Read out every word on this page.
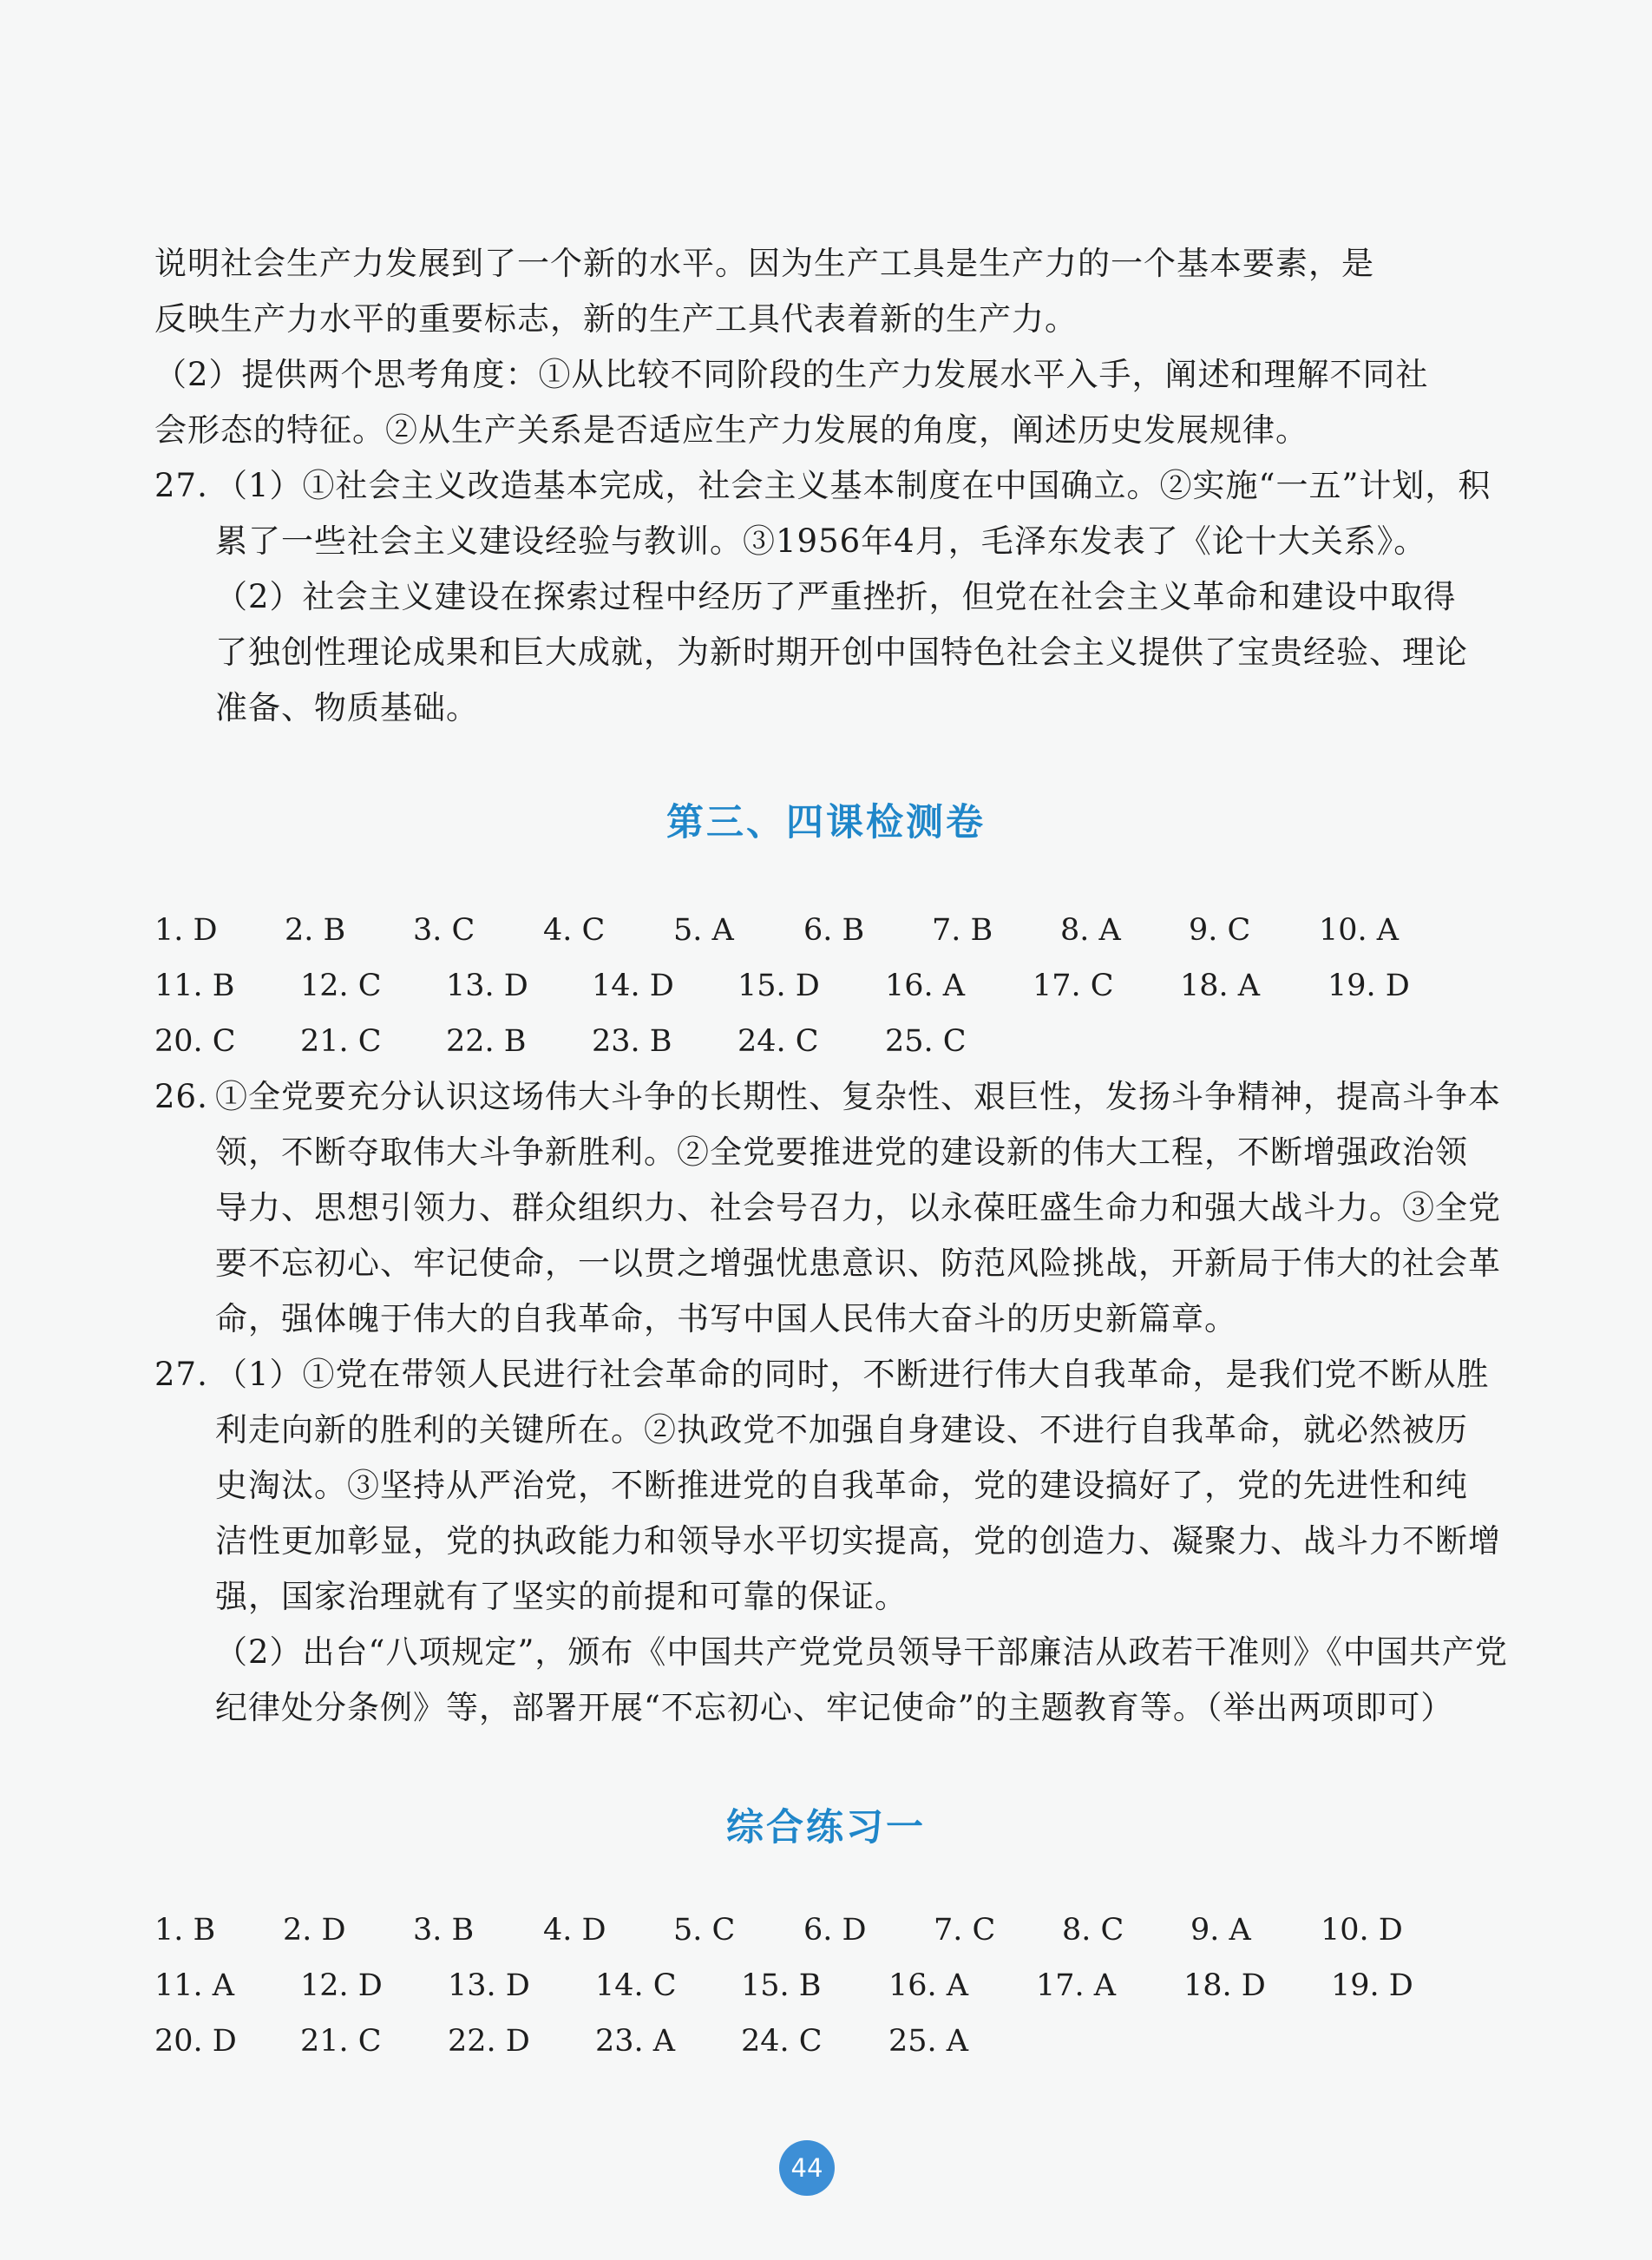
说明社会生产力发展到了一个新的水平。因为生产工具是生产力的一个基本要素，是
反映生产力水平的重要标志，新的生产工具代表着新的生产力。
（2）提供两个思考角度：①从比较不同阶段的生产力发展水平入手，阐述和理解不同社
会形态的特征。②从生产关系是否适应生产力发展的角度，阐述历史发展规律。
27. （1）①社会主义改造基本完成，社会主义基本制度在中国确立。②实施“一五”计划，积
累了一些社会主义建设经验与教训。③1956年4月，毛泽东发表了《论十大关系》。
（2）社会主义建设在探索过程中经历了严重挫折，但党在社会主义革命和建设中取得
了独创性理论成果和巨大成就，为新时期开创中国特色社会主义提供了宝贵经验、理论
准备、物质基础。
第三、四课检测卷
1. D 2. B 3. C 4. C 5. A 6. B 7. B 8. A 9. C 10. A
11. B 12. C 13. D 14. D 15. D 16. A 17. C 18. A 19. D
20. C 21. C 22. B 23. B 24. C 25. C
26. ①全党要充分认识这场伟大斗争的长期性、复杂性、艰巨性，发扬斗争精神，提高斗争本
领，不断夺取伟大斗争新胜利。②全党要推进党的建设新的伟大工程，不断增强政治领
导力、思想引领力、群众组织力、社会号召力，以永葆旺盛生命力和强大战斗力。③全党
要不忘初心、牢记使命，一以贯之增强忧患意识、防范风险挑战，开新局于伟大的社会革
命，强体魄于伟大的自我革命，书写中国人民伟大奋斗的历史新篇章。
27. （1）①党在带领人民进行社会革命的同时，不断进行伟大自我革命，是我们党不断从胜
利走向新的胜利的关键所在。②执政党不加强自身建设、不进行自我革命，就必然被历
史淘汰。③坚持从严治党，不断推进党的自我革命，党的建设搞好了，党的先进性和纯
洁性更加彰显，党的执政能力和领导水平切实提高，党的创造力、凝聚力、战斗力不断增
强，国家治理就有了坚实的前提和可靠的保证。
（2）出台“八项规定”，颁布《中国共产党党员领导干部廉洁从政若干准则》《中国共产党
纪律处分条例》等，部署开展“不忘初心、牢记使命”的主题教育等。（举出两项即可）
综合练习一
1. B 2. D 3. B 4. D 5. C 6. D 7. C 8. C 9. A 10. D
11. A 12. D 13. D 14. C 15. B 16. A 17. A 18. D 19. D
20. D 21. C 22. D 23. A 24. C 25. A
44
